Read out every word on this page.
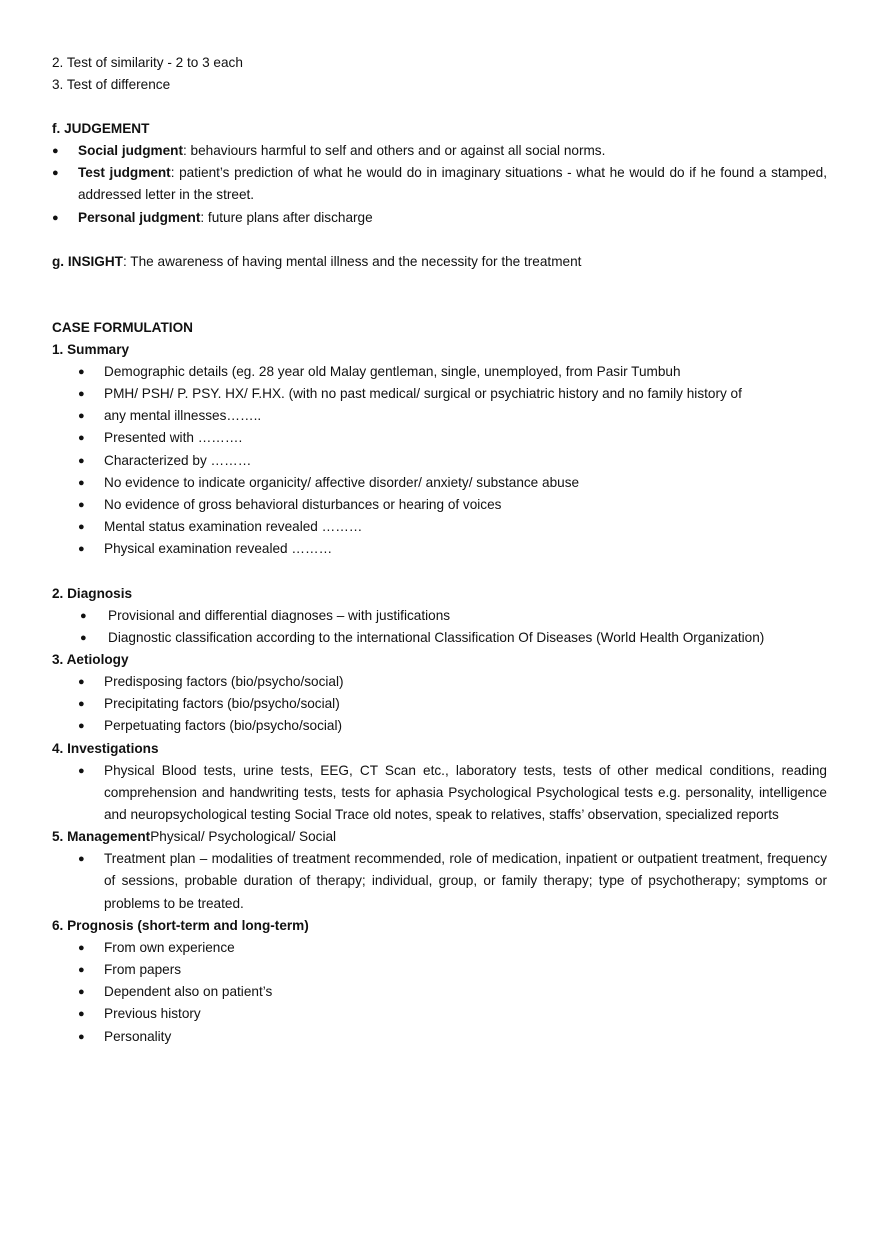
2. Test of similarity - 2 to 3 each

3. Test of difference

f. JUDGEMENT

● Social judgment: behaviours harmful to self and others and or against all social norms.
● Test judgment: patient’s prediction of what he would do in imaginary situations - what he would do if he found a stamped, addressed letter in the street.
● Personal judgment: future plans after discharge

g. INSIGHT: The awareness of having mental illness and the necessity for the treatment

CASE FORMULATION

1. Summary

● Demographic details (eg. 28 year old Malay gentleman, single, unemployed, from Pasir Tumbuh
● PMH/ PSH/ P. PSY. HX/ F.HX. (with no past medical/ surgical or psychiatric history and no family history of
● any mental illnesses……..
● Presented with ……….
● Characterized by ………
● No evidence to indicate organicity/ affective disorder/ anxiety/ substance abuse
● No evidence of gross behavioral disturbances or hearing of voices
● Mental status examination revealed ………
● Physical examination revealed ………

2. Diagnosis

● Provisional and differential diagnoses – with justifications
● Diagnostic classification according to the international Classification Of Diseases (World Health Organization)

3. Aetiology

● Predisposing factors (bio/psycho/social)
● Precipitating factors (bio/psycho/social)
● Perpetuating factors (bio/psycho/social)

4. Investigations

● Physical Blood tests, urine tests, EEG, CT Scan etc., laboratory tests, tests of other medical conditions, reading comprehension and handwriting tests, tests for aphasia Psychological Psychological tests e.g. personality, intelligence and neuropsychological testing Social Trace old notes, speak to relatives, staffs’ observation, specialized reports

5. ManagementPhysical/ Psychological/ Social

● Treatment plan – modalities of treatment recommended, role of medication, inpatient or outpatient treatment, frequency of sessions, probable duration of therapy; individual, group, or family therapy; type of psychotherapy; symptoms or problems to be treated.

6. Prognosis (short-term and long-term)

● From own experience
● From papers
● Dependent also on patient’s
● Previous history
● Personality
